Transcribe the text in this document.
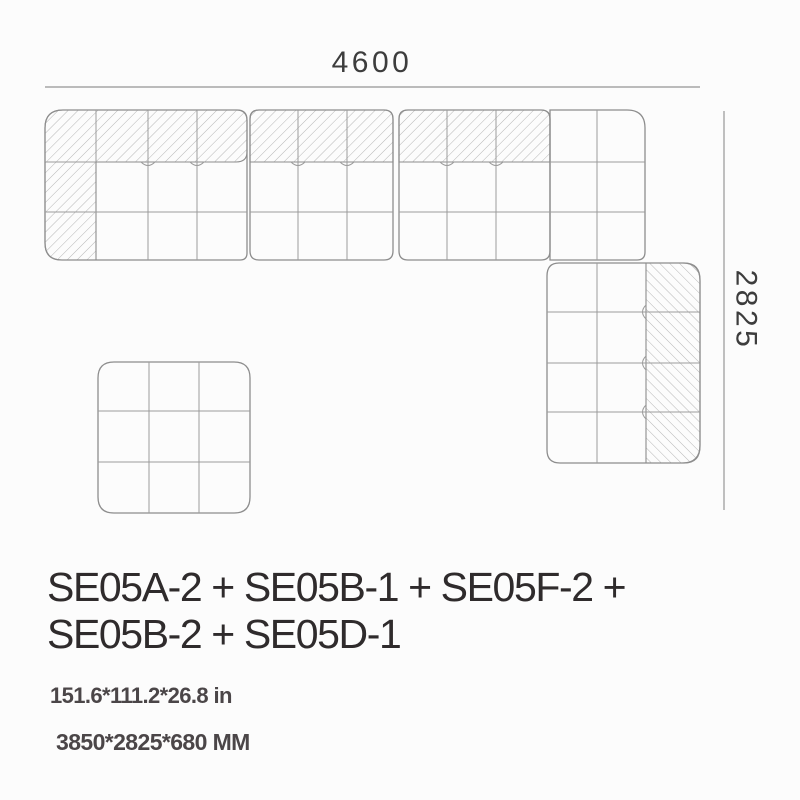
4600
2825
SE05A-2 + SE05B-1 + SE05F-2 +
SE05B-2 + SE05D-1
151.6*111.2*26.8 in
3850*2825*680 MM
